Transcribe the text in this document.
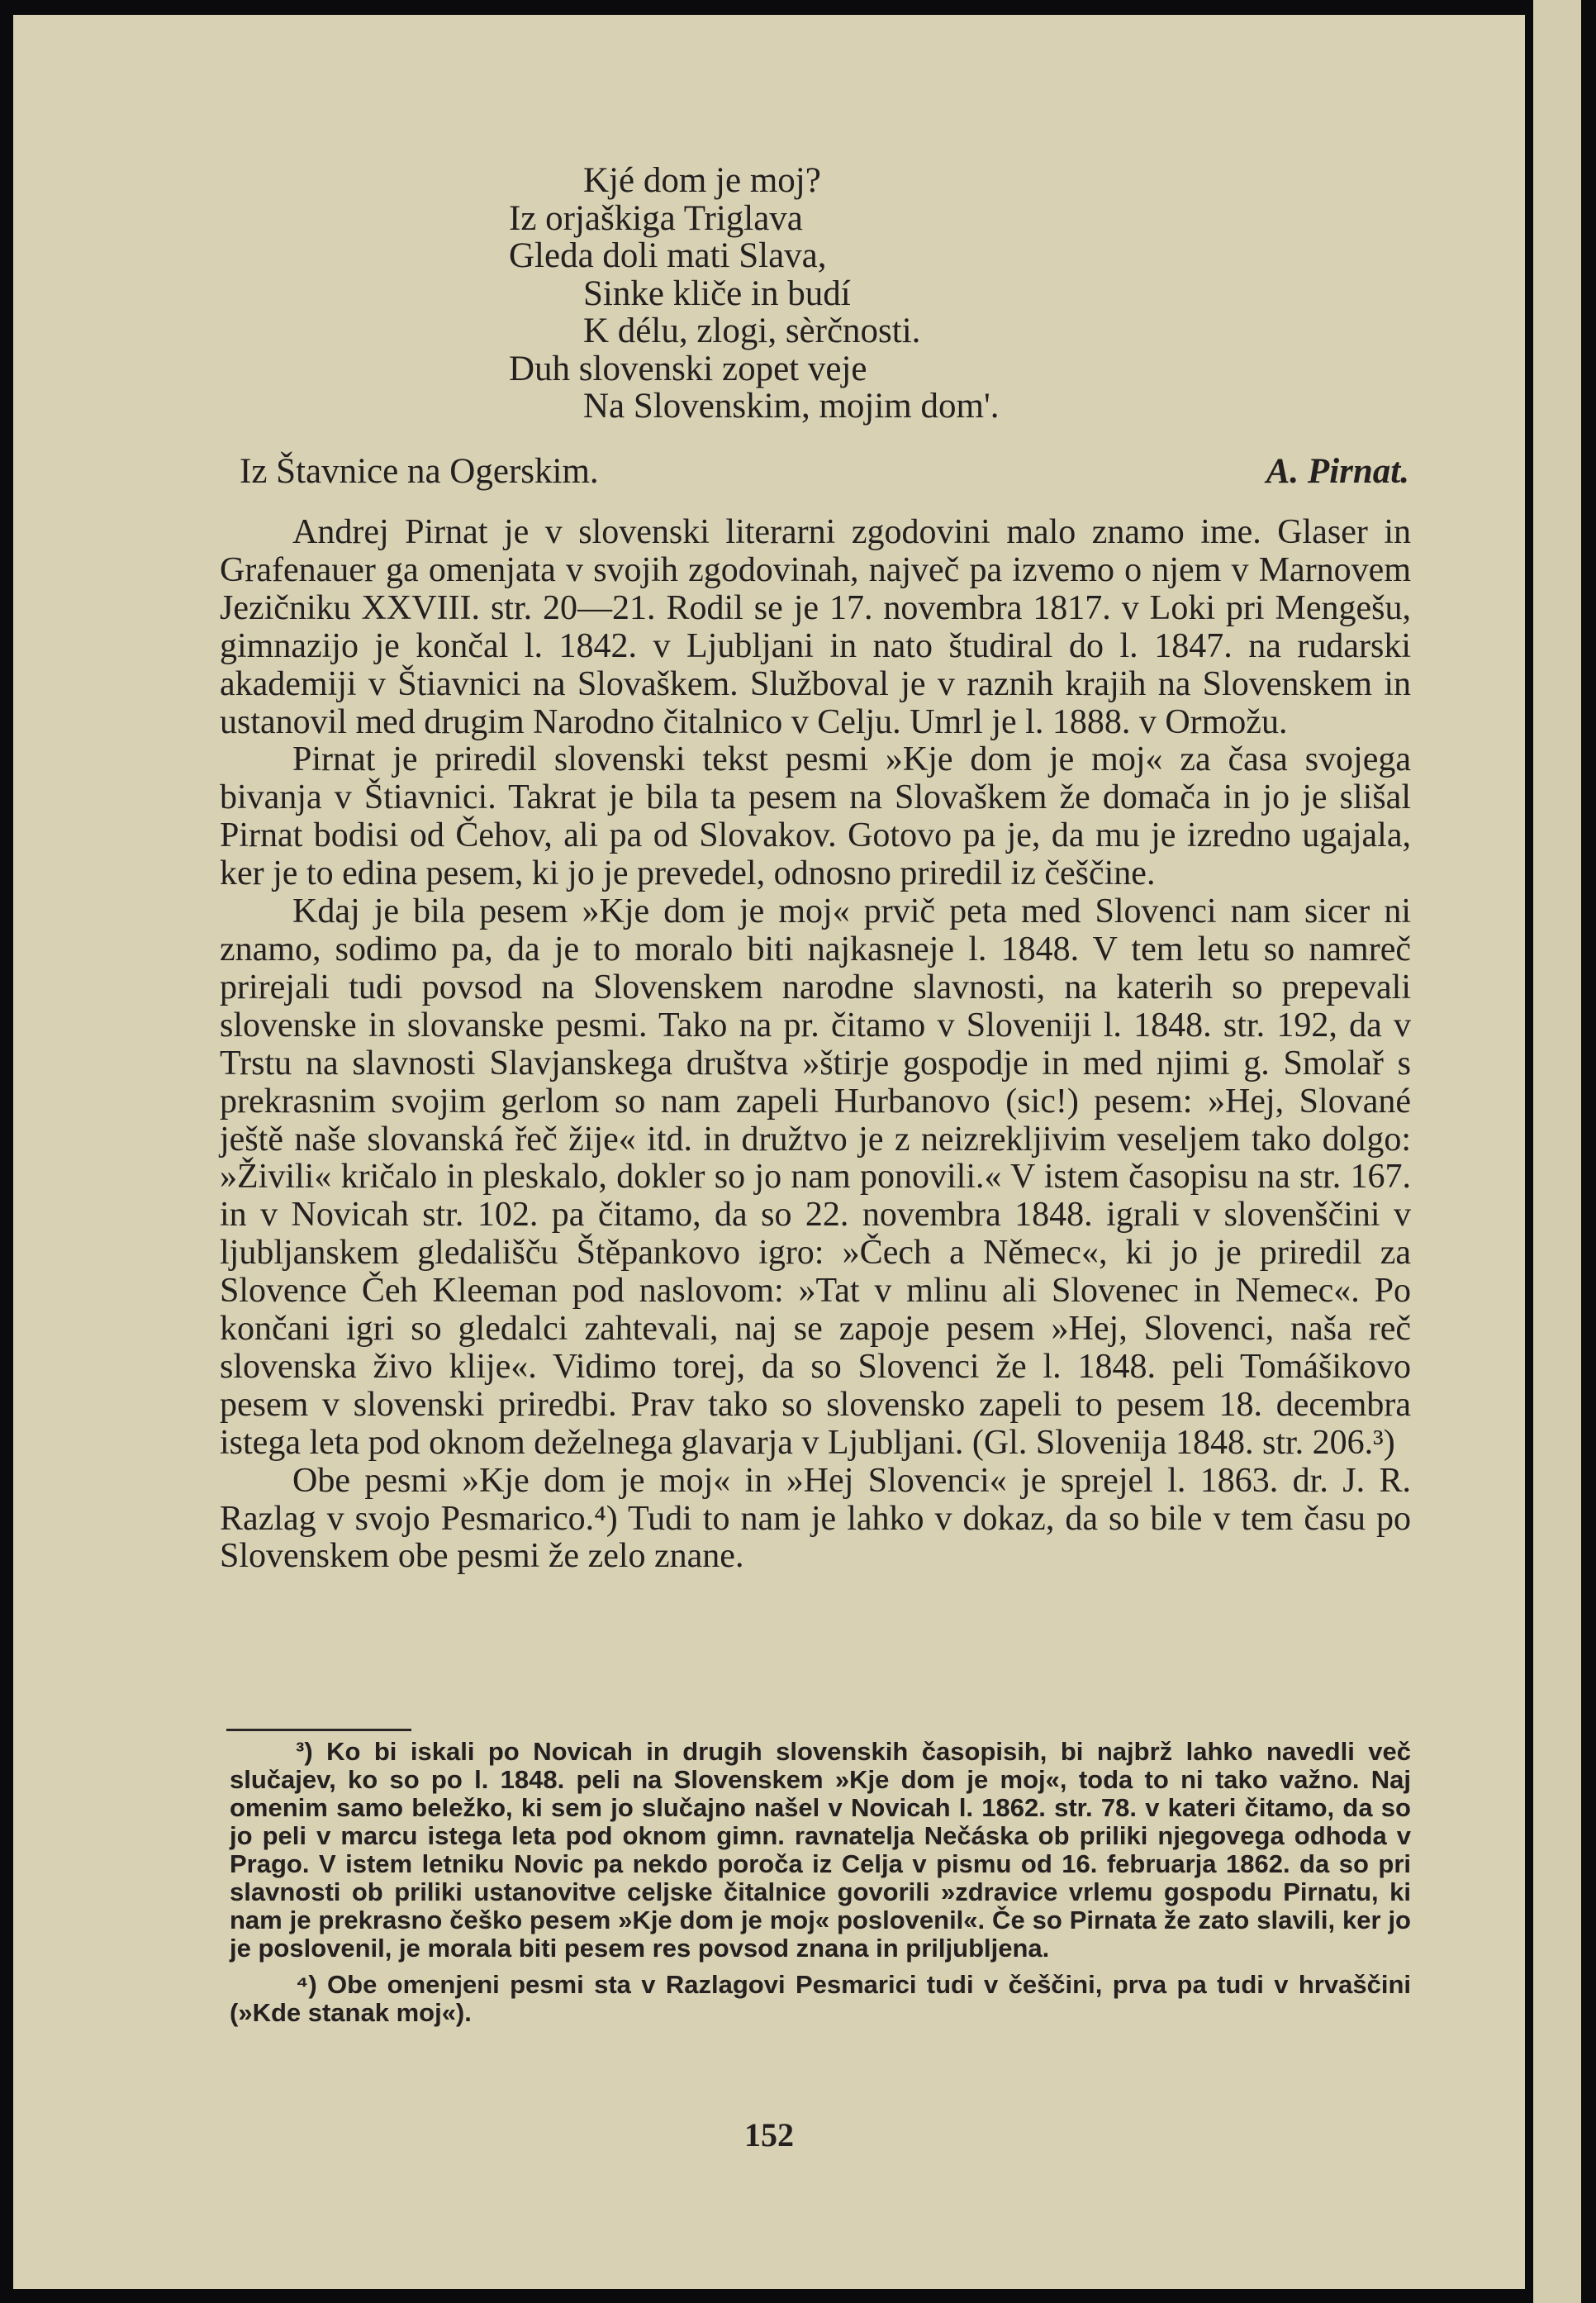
Kjé dom je moj?
Iz orjaškiga Triglava
Gleda doli mati Slava,
Sinke kliče in budí
K délu, zlogi, sèrčnosti.
Duh slovenski zopet veje
Na Slovenskim, mojim dom'.
Iz Štavnice na Ogerskim.	A. Pirnat.

Andrej Pirnat je v slovenski literarni zgodovini malo znamo ime. Glaser in Grafenauer ga omenjata v svojih zgodovinah, največ pa izvemo o njem v Marnovem Jezičniku XXVIII. str. 20—21. Rodil se je 17. novembra 1817. v Loki pri Mengešu, gimnazijo je končal l. 1842. v Ljubljani in nato študiral do l. 1847. na rudarski akademiji v Štiavnici na Slovaškem. Služboval je v raznih krajih na Slovenskem in ustanovil med drugim Narodno čitalnico v Celju. Umrl je l. 1888. v Ormožu.

Pirnat je priredil slovenski tekst pesmi »Kje dom je moj« za časa svojega bivanja v Štiavnici. Takrat je bila ta pesem na Slovaškem že domača in jo je slišal Pirnat bodisi od Čehov, ali pa od Slovakov. Gotovo pa je, da mu je izredno ugajala, ker je to edina pesem, ki jo je prevedel, odnosno priredil iz češčine.

Kdaj je bila pesem »Kje dom je moj« prvič peta med Slovenci nam sicer ni znamo, sodimo pa, da je to moralo biti najkasneje l. 1848. V tem letu so namreč prirejali tudi povsod na Slovenskem narodne slavnosti, na katerih so prepevali slovenske in slovanske pesmi. Tako na pr. čitamo v Sloveniji l. 1848. str. 192, da v Trstu na slavnosti Slavjanskega društva »štirje gospodje in med njimi g. Smolař s prekrasnim svojim gerlom so nam zapeli Hurbanovo (sic!) pesem: »Hej, Slované ještě naše slovanská řeč žije« itd. in družtvo je z neizrekljivim veseljem tako dolgo: »Živili« kričalo in pleskalo, dokler so jo nam ponovili.« V istem časopisu na str. 167. in v Novicah str. 102. pa čitamo, da so 22. novembra 1848. igrali v slovenščini v ljubljanskem gledališču Štěpankovo igro: »Čech a Němec«, ki jo je priredil za Slovence Čeh Kleeman pod naslovom: »Tat v mlinu ali Slovenec in Nemec«. Po končani igri so gledalci zahtevali, naj se zapoje pesem »Hej, Slovenci, naša reč slovenska živo klije«. Vidimo torej, da so Slovenci že l. 1848. peli Tomášikovo pesem v slovenski priredbi. Prav tako so slovensko zapeli to pesem 18. decembra istega leta pod oknom deželnega glavarja v Ljubljani. (Gl. Slovenija 1848. str. 206.³)

Obe pesmi »Kje dom je moj« in »Hej Slovenci« je sprejel l. 1863. dr. J. R. Razlag v svojo Pesmarico.⁴) Tudi to nam je lahko v dokaz, da so bile v tem času po Slovenskem obe pesmi že zelo znane.

³) Ko bi iskali po Novicah in drugih slovenskih časopisih, bi najbrž lahko navedli več slučajev, ko so po l. 1848. peli na Slovenskem »Kje dom je moj«, toda to ni tako važno. Naj omenim samo beležko, ki sem jo slučajno našel v Novicah l. 1862. str. 78. v kateri čitamo, da so jo peli v marcu istega leta pod oknom gimn. ravnatelja Nečáska ob priliki njegovega odhoda v Prago. V istem letniku Novic pa nekdo poroča iz Celja v pismu od 16. februarja 1862. da so pri slavnosti ob priliki ustanovitve celjske čitalnice govorili »zdravice vrlemu gospodu Pirnatu, ki nam je prekrasno češko pesem »Kje dom je moj« poslovenil«. Če so Pirnata že zato slavili, ker jo je poslovenil, je morala biti pesem res povsod znana in priljubljena.

⁴) Obe omenjeni pesmi sta v Razlagovi Pesmarici tudi v češčini, prva pa tudi v hrvaščini (»Kde stanak moj«).

152
